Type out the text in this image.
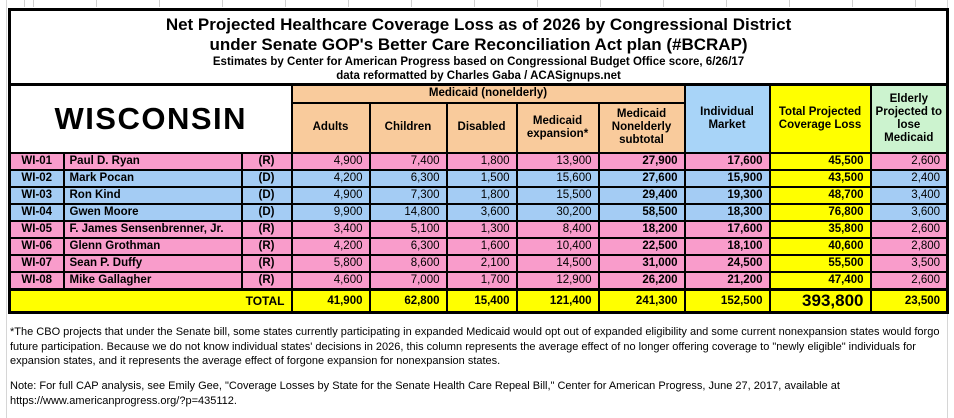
Net Projected Healthcare Coverage Loss as of 2026 by Congressional District
under Senate GOP's Better Care Reconciliation Act plan (#BCRAP)
Estimates by Center for American Progress based on Congressional Budget Office score, 6/26/17
data reformatted by Charles Gaba / ACASignups.net										

WISCONSIN			Medicaid (nonelderly)					Individual Market	Total Projected Coverage Loss	Elderly Projected to lose Medicaid
			Adults	Children	Disabled	Medicaid expansion*	Medicaid Nonelderly subtotal			
WI-01	Paul D. Ryan	(R)	4,900	7,400	1,800	13,900	27,900	17,600	45,500	2,600
WI-02	Mark Pocan	(D)	4,200	6,300	1,500	15,600	27,600	15,900	43,500	2,400
WI-03	Ron Kind	(D)	4,900	7,300	1,800	15,500	29,400	19,300	48,700	3,400
WI-04	Gwen Moore	(D)	9,900	14,800	3,600	30,200	58,500	18,300	76,800	3,600
WI-05	F. James Sensenbrenner, Jr.	(R)	3,400	5,100	1,300	8,400	18,200	17,600	35,800	2,600
WI-06	Glenn Grothman	(R)	4,200	6,300	1,600	10,400	22,500	18,100	40,600	2,800
WI-07	Sean P. Duffy	(R)	5,800	8,600	2,100	14,500	31,000	24,500	55,500	3,500
WI-08	Mike Gallagher	(R)	4,600	7,000	1,700	12,900	26,200	21,200	47,400	2,600
TOTAL			41,900	62,800	15,400	121,400	241,300	152,500	393,800	23,500
*The CBO projects that under the Senate bill, some states currently participating in expanded Medicaid would opt out of expanded eligibility and some current nonexpansion states would forgo future participation. Because we do not know individual states' decisions in 2026, this column represents the average effect of no longer offering coverage to "newly eligible" individuals for expansion states, and it represents the average effect of forgone expansion for nonexpansion states.
Note: For full CAP analysis, see Emily Gee, "Coverage Losses by State for the Senate Health Care Repeal Bill," Center for American Progress, June 27, 2017, available at https://www.americanprogress.org/?p=435112.
